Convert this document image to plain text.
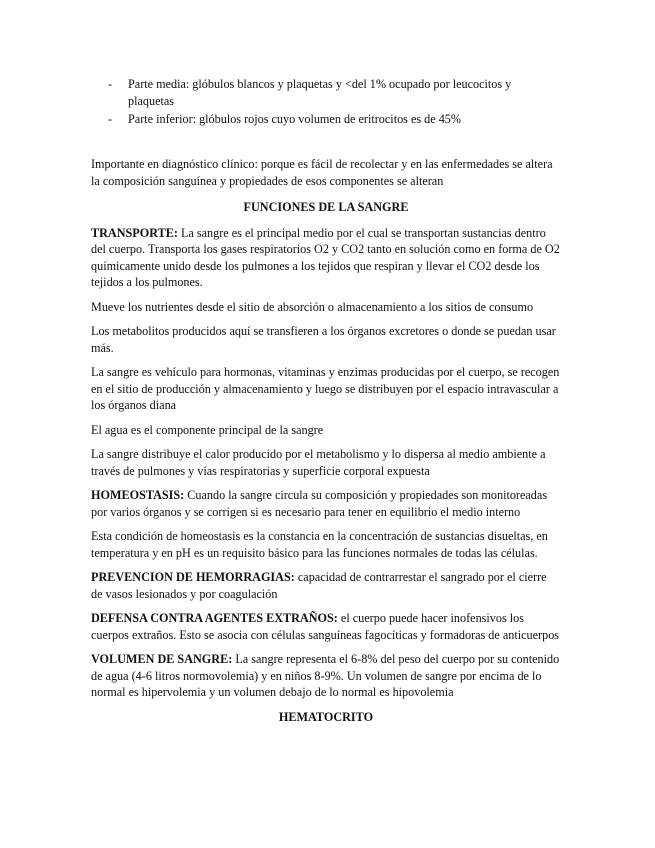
- Parte media: glóbulos blancos y plaquetas y <del 1% ocupado por leucocitos y plaquetas
- Parte inferior: glóbulos rojos cuyo volumen de eritrocitos es de 45%

Importante en diagnóstico clínico: porque es fácil de recolectar y en las enfermedades se altera la composición sanguínea y propiedades de esos componentes se alteran

FUNCIONES DE LA SANGRE

TRANSPORTE: La sangre es el principal medio por el cual se transportan sustancias dentro del cuerpo. Transporta los gases respiratorios O2 y CO2 tanto en solución como en forma de O2 químicamente unido desde los pulmones a los tejidos que respiran y llevar el CO2 desde los tejidos a los pulmones.

Mueve los nutrientes desde el sitio de absorción o almacenamiento a los sitios de consumo

Los metabolitos producidos aquí se transfieren a los órganos excretores o donde se puedan usar más.

La sangre es vehículo para hormonas, vitaminas y enzimas producidas por el cuerpo, se recogen en el sitio de producción y almacenamiento y luego se distribuyen por el espacio intravascular a los órganos diana

El agua es el componente principal de la sangre

La sangre distribuye el calor producido por el metabolismo y lo dispersa al medio ambiente a través de pulmones y vías respiratorias y superficie corporal expuesta

HOMEOSTASIS: Cuando la sangre circula su composición y propiedades son monitoreadas por varios órganos y se corrigen si es necesario para tener en equilibrio el medio interno

Esta condición de homeostasis es la constancia en la concentración de sustancias disueltas, en temperatura y en pH es un requisito básico para las funciones normales de todas las células.

PREVENCION DE HEMORRAGIAS: capacidad de contrarrestar el sangrado por el cierre de vasos lesionados y por coagulación

DEFENSA CONTRA AGENTES EXTRAÑOS: el cuerpo puede hacer inofensivos los cuerpos extraños. Esto se asocia con células sanguíneas fagocíticas y formadoras de anticuerpos

VOLUMEN DE SANGRE: La sangre representa el 6-8% del peso del cuerpo por su contenido de agua (4-6 litros normovolemia) y en niños 8-9%. Un volumen de sangre por encima de lo normal es hipervolemia y un volumen debajo de lo normal es hipovolemia

HEMATOCRITO
